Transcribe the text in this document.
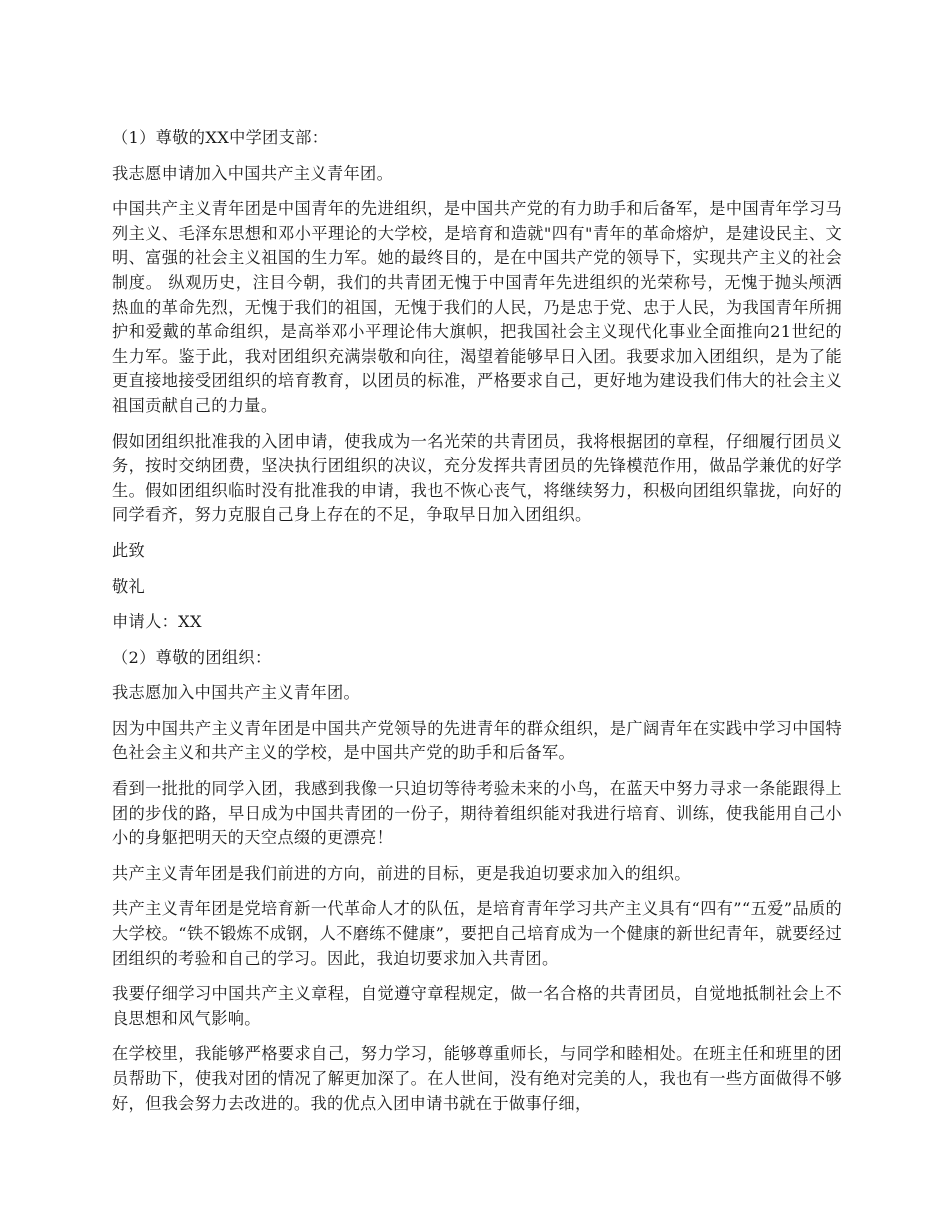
（1）尊敬的XX中学团支部：

我志愿申请加入中国共产主义青年团。

中国共产主义青年团是中国青年的先进组织，是中国共产党的有力助手和后备军，是中国青年学习马列主义、毛泽东思想和邓小平理论的大学校，是培育和造就"四有"青年的革命熔炉，是建设民主、文明、富强的社会主义祖国的生力军。她的最终目的，是在中国共产党的领导下，实现共产主义的社会制度。 纵观历史，注目今朝，我们的共青团无愧于中国青年先进组织的光荣称号，无愧于抛头颅洒热血的革命先烈，无愧于我们的祖国，无愧于我们的人民，乃是忠于党、忠于人民，为我国青年所拥护和爱戴的革命组织，是高举邓小平理论伟大旗帜，把我国社会主义现代化事业全面推向21世纪的生力军。鉴于此，我对团组织充满崇敬和向往，渴望着能够早日入团。我要求加入团组织，是为了能更直接地接受团组织的培育教育，以团员的标准，严格要求自己，更好地为建设我们伟大的社会主义祖国贡献自己的力量。

假如团组织批准我的入团申请，使我成为一名光荣的共青团员，我将根据团的章程，仔细履行团员义务，按时交纳团费，坚决执行团组织的决议，充分发挥共青团员的先锋模范作用，做品学兼优的好学生。假如团组织临时没有批准我的申请，我也不恢心丧气，将继续努力，积极向团组织靠拢，向好的同学看齐，努力克服自己身上存在的不足，争取早日加入团组织。

此致

敬礼

申请人：XX

（2）尊敬的团组织：

我志愿加入中国共产主义青年团。

因为中国共产主义青年团是中国共产党领导的先进青年的群众组织，是广阔青年在实践中学习中国特色社会主义和共产主义的学校，是中国共产党的助手和后备军。

看到一批批的同学入团，我感到我像一只迫切等待考验未来的小鸟，在蓝天中努力寻求一条能跟得上团的步伐的路，早日成为中国共青团的一份子，期待着组织能对我进行培育、训练，使我能用自己小小的身躯把明天的天空点缀的更漂亮！

共产主义青年团是我们前进的方向，前进的目标，更是我迫切要求加入的组织。

共产主义青年团是党培育新一代革命人才的队伍，是培育青年学习共产主义具有“四有”“五爱”品质的大学校。“铁不锻炼不成钢，人不磨练不健康”，要把自己培育成为一个健康的新世纪青年，就要经过团组织的考验和自己的学习。因此，我迫切要求加入共青团。

我要仔细学习中国共产主义章程，自觉遵守章程规定，做一名合格的共青团员，自觉地抵制社会上不良思想和风气影响。

在学校里，我能够严格要求自己，努力学习，能够尊重师长，与同学和睦相处。在班主任和班里的团员帮助下，使我对团的情况了解更加深了。在人世间，没有绝对完美的人，我也有一些方面做得不够好，但我会努力去改进的。我的优点入团申请书就在于做事仔细，
